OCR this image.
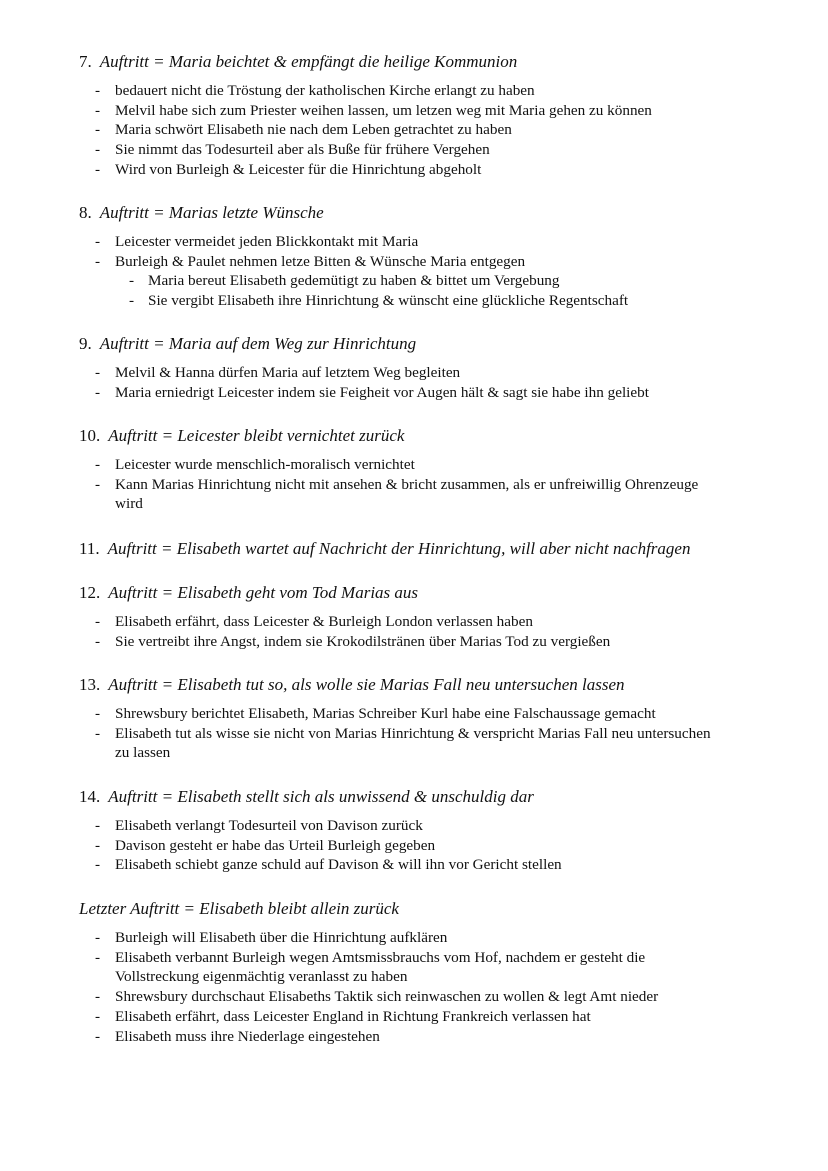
7. Auftritt = Maria beichtet & empfängt die heilige Kommunion
- bedauert nicht die Tröstung der katholischen Kirche erlangt zu haben
- Melvil habe sich zum Priester weihen lassen, um letzen weg mit Maria gehen zu können
- Maria schwört Elisabeth nie nach dem Leben getrachtet zu haben
- Sie nimmt das Todesurteil aber als Buße für frühere Vergehen
- Wird von Burleigh & Leicester für die Hinrichtung abgeholt
8. Auftritt = Marias letzte Wünsche
- Leicester vermeidet jeden Blickkontakt mit Maria
- Burleigh & Paulet nehmen letze Bitten & Wünsche Maria entgegen
- Maria bereut Elisabeth gedemütigt zu haben & bittet um Vergebung
- Sie vergibt Elisabeth ihre Hinrichtung & wünscht eine glückliche Regentschaft
9. Auftritt = Maria auf dem Weg zur Hinrichtung
- Melvil & Hanna dürfen Maria auf letztem Weg begleiten
- Maria erniedrigt Leicester indem sie Feigheit vor Augen hält & sagt sie habe ihn geliebt
10. Auftritt = Leicester bleibt vernichtet zurück
- Leicester wurde menschlich-moralisch vernichtet
- Kann Marias Hinrichtung nicht mit ansehen & bricht zusammen, als er unfreiwillig Ohrenzeuge wird
11. Auftritt = Elisabeth wartet auf Nachricht der Hinrichtung, will aber nicht nachfragen
12. Auftritt = Elisabeth geht vom Tod Marias aus
- Elisabeth erfährt, dass Leicester & Burleigh London verlassen haben
- Sie vertreibt ihre Angst, indem sie Krokodilstränen über Marias Tod zu vergießen
13. Auftritt = Elisabeth tut so, als wolle sie Marias Fall neu untersuchen lassen
- Shrewsbury berichtet Elisabeth, Marias Schreiber Kurl habe eine Falschaussage gemacht
- Elisabeth tut als wisse sie nicht von Marias Hinrichtung & verspricht Marias Fall neu untersuchen zu lassen
14. Auftritt = Elisabeth stellt sich als unwissend & unschuldig dar
- Elisabeth verlangt Todesurteil von Davison zurück
- Davison gesteht er habe das Urteil Burleigh gegeben
- Elisabeth schiebt ganze schuld auf Davison & will ihn vor Gericht stellen
Letzter Auftritt = Elisabeth bleibt allein zurück
- Burleigh will Elisabeth über die Hinrichtung aufklären
- Elisabeth verbannt Burleigh wegen Amtsmissbrauchs vom Hof, nachdem er gesteht die Vollstreckung eigenmächtig veranlasst zu haben
- Shrewsbury durchschaut Elisabeths Taktik sich reinwaschen zu wollen & legt Amt nieder
- Elisabeth erfährt, dass Leicester England in Richtung Frankreich verlassen hat
- Elisabeth muss ihre Niederlage eingestehen
